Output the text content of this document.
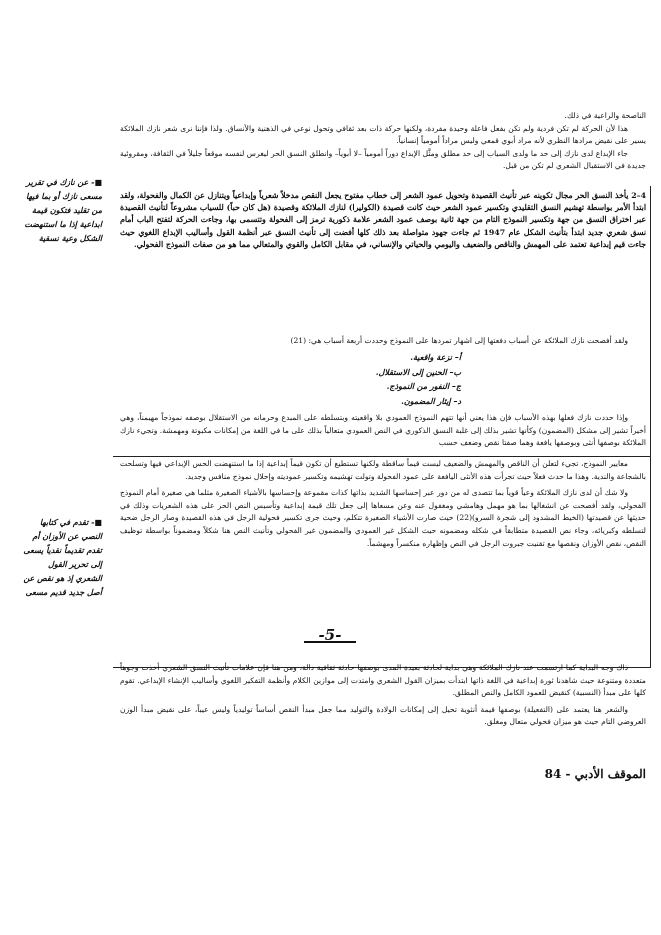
الناصحة والراعية في ذلك.

هذا لأن الحركة لم تكن فردية ولم تكن بفعل فاعلة وحيدة مفردة، ولكنها حركة ذات بعد ثقافي وتحول نوعي في الذهنية والأنساق. ولذا فإننا نرى شعر نازك الملائكة يسير على نقيض مرادها النظري لأنه مراد أبوي قمعي وليس مراداً أمومياً إنسانياً.

جاء الإبداع لدى نازك إلى حد ما ولدى السياب إلى حد مطلق ومثَّل الإبداع دوراً أمومياً –لا أبوياً– وانطلق النسق الحر ليغرس لنفسه موقعاً جليلاً في الثقافة، ومقروئية جديدة في الاستقبال الشعري لم تكن من قبل.

4–2 يأخذ النسق الحر مجال تكوينه عبر تأنيث القصيدة وتحويل عمود الشعر إلى خطاب مفتوح يجعل النقص مدخلاً شعرياً وإبداعياً ويتنازل عن الكمال والفحولة، ولقد ابتدأ الأمر بواسطة تهشيم النسق التقليدي وتكسير عمود الشعر حيث كانت قصيدة (الكوليرا) لنازك الملائكة وقصيدة (هل كان حباً) للسياب مشروعاً لتأنيث القصيدة عبر اختراق النسق من جهة وتكسير النموذج التام من جهة ثانية بوصف عمود الشعر علامة ذكورية ترمز إلى الفحولة وتتسمى بها، وجاءت الحركة لتفتح الباب أمام نسق شعري جديد ابتدأ بتأنيث الشكل عام 1947 ثم جاءت جهود متواصلة بعد ذلك كلها أفضت إلى تأنيث النسق عبر أنظمة القول وأساليب الإبداع اللغوي حيث جاءت قيم إبداعية تعتمد على المهمش والناقص والضعيف واليومي والحياتي والإنساني، في مقابل الكامل والقوي والمتعالي مما هو من صفات النموذج الفحولي.

ولقد أفصحت نازك الملائكة عن أسباب دفعتها إلى اشهار تمردها على النموذج وحددت أربعة أسباب هي: (21)

أ– نزعة واقعية.
ب– الحنين إلى الاستقلال.
ج– النفور من النموذج.
د– إيثار المضمون.

وإذا حددت نازك فعلها بهذه الأسباب فإن هذا يعني أنها تتهم النموذج العمودي بلا واقعيته وبتسلطه على المبدع وحرمانه من الاستقلال بوصفه نموذجاً مهيمناً، وهي أخيراً تشير إلى مشكل (المضمون) وكأنها تشير بذلك إلى غلبة النسق الذكوري في النص العمودي متعالياً بذلك على ما في اللغة من إمكانات مكبوتة ومهمشة. وتجيء نازك الملائكة بوصفها أنثى وبوصفها يافعة وهما صفتا نقص وضعف حسب

معايير النموذج، تجيء لتعلن أن الناقص والمهمش والضعيف ليست قيماً ساقطة ولكنها تستطيع أن تكون قيماً إبداعية إذا ما استنهضت الحس الإبداعي فيها وتسلحت بالشجاعة والندية. وهذا ما حدث فعلاً حيث تجرأت هذه الأنثى اليافعة على عمود الفحولة وتولت تهشيمه وتكسير عموديته وإحلال نموذج منافس وجديد.

ولا شك أن لدى نازك الملائكة وعياً قوياً بما تتصدى له من دور عبر إحساسها الشديد بذاتها كذات مقموعة وإحساسها بالأشياء الصغيرة مثلما هي صغيرة أمام النموذج الفحولي، ولقد أفصحت عن انشغالها بما هو مهمل وهامشي ومغفول عنه وعن مسعاها إلى جعل تلك قيمة إبداعية وتأسيس النص الحر على هذه الشعريات وذلك في حديثها عن قصيدتها (الخيط المشدود إلى شجرة السرو)(22) حيث صارت الأشياء الصغيرة تتكلم، وحيث جرى تكسير فحولية الرجل في هذه القصيدة وصار الرجل ضحية لتسلطه وكبريائه، وجاء نص القصيدة متطابقاً في شكله ومضمونه حيث الشكل غير العمودي والمضمون غير الفحولي وتأنيث النص هنا شكلاً ومضموناً بواسطة توظيف النقص، نقص الأوزان ونقصها مع تقنيت جبروت الرجل في النص وإظهاره منكسراً ومهشماً.

-5-

ذاك وجه البداية كما ارتسمت عند نازك الملائكة وهي بداية لحادثة بعيدة المدى بوصفها حادثة ثقافية دالة، ومن هنا فإن علامات تأنيث النسق الشعري أخذت وجوهاً متعددة ومتنوعة حيث شاهدنا ثورة إبداعية في اللغة ذاتها ابتدأت بميزان القول الشعري وامتدت إلى موازين الكلام وأنظمة التفكير اللغوي وأساليب الإنشاء الإبداعي. تقوم كلها على مبدأ (النسبية) كنقيض للعمود الكامل والنص المطلق.

والشعر هنا يعتمد على (التفعيلة) بوصفها قيمة أنثوية تحيل إلى إمكانات الولادة والتوليد مما جعل مبدأ النقص أساساً توليدياً وليس عيباً، على نقيض مبدأ الوزن العروضي التام حيث هو ميزان فحولي متعال ومغلق.

الموقف الأدبي - 84
■- عن نازك في تقرير مسعى نازك أو بما فيها من تقليد فتكون قيمة ابداعية إذا ما استنهضت الشكل وعية نسقية
■- تقدم في كتابها النصي عن الأوزان أم تقدم تقديماً نقدياً يسعى إلى تحرير القول الشعري إذ هو نقص عن أصل جديد قديم مسعى
